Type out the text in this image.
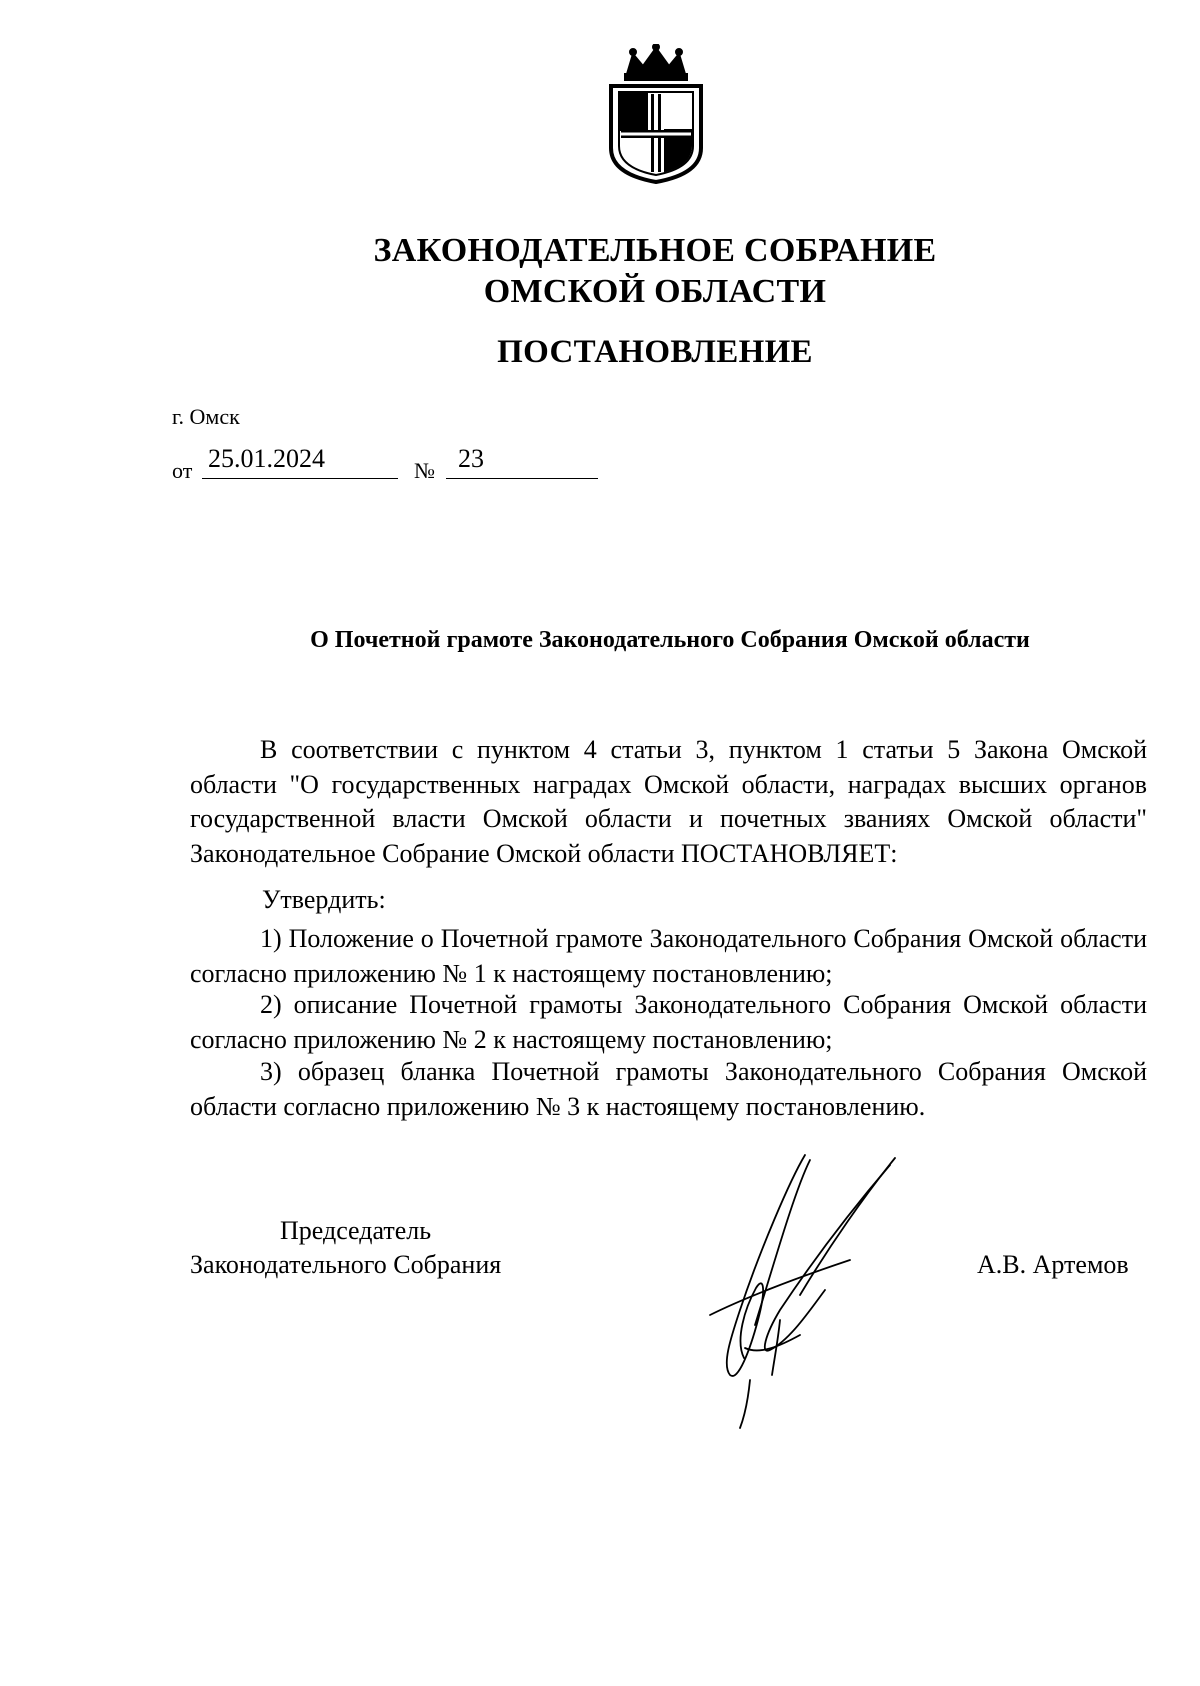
ЗАКОНОДАТЕЛЬНОЕ СОБРАНИЕ
ОМСКОЙ ОБЛАСТИ
ПОСТАНОВЛЕНИЕ
г. Омск
от 25.01.2024	№ 23
О Почетной грамоте Законодательного Собрания Омской области
В соответствии с пунктом 4 статьи 3, пунктом 1 статьи 5 Закона Омской области "О государственных наградах Омской области, наградах высших органов государственной власти Омской области и почетных званиях Омской области" Законодательное Собрание Омской области ПОСТАНОВЛЯЕТ:
Утвердить:
1) Положение о Почетной грамоте Законодательного Собрания Омской области согласно приложению № 1 к настоящему постановлению;
2) описание Почетной грамоты Законодательного Собрания Омской области согласно приложению № 2 к настоящему постановлению;
3) образец бланка Почетной грамоты Законодательного Собрания Омской области согласно приложению № 3 к настоящему постановлению.
Председатель
Законодательного Собрания	А.В. Артемов
